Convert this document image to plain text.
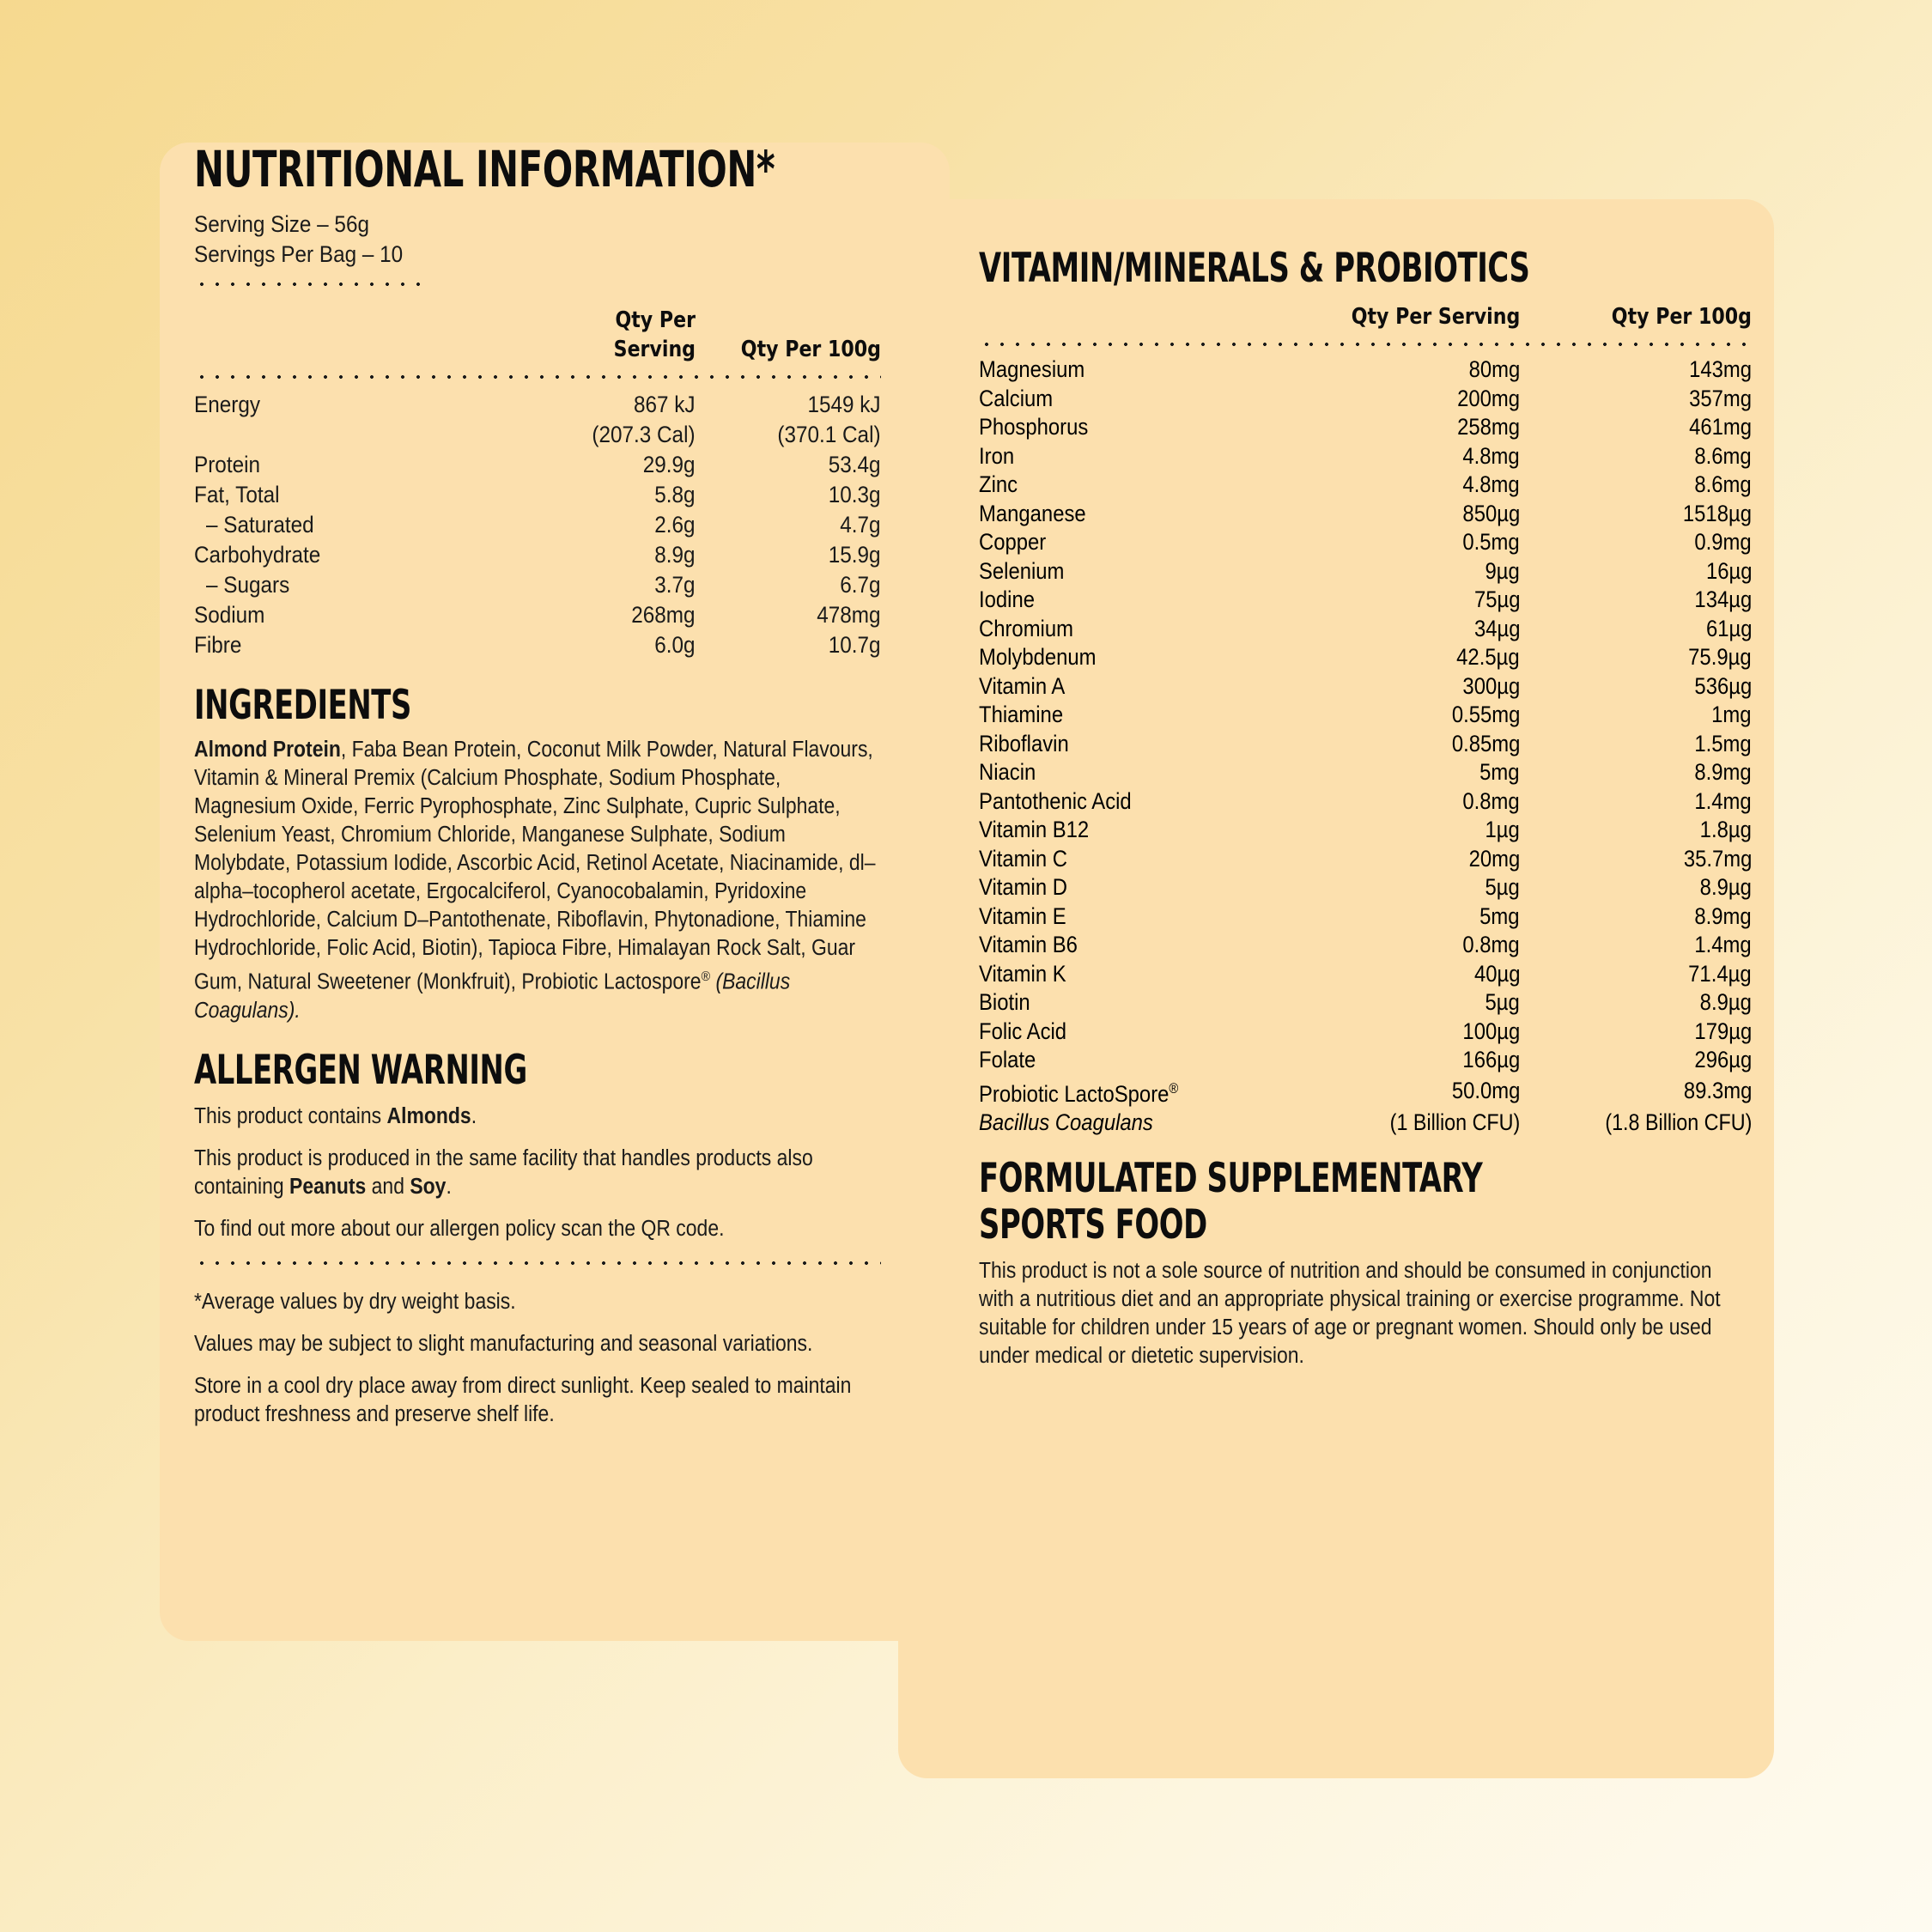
NUTRITIONAL INFORMATION*
Serving Size – 56g
Servings Per Bag – 10
	Qty Per Serving	Qty Per 100g
Energy	867 kJ	1549 kJ
	(207.3 Cal)	(370.1 Cal)
Protein	29.9g	53.4g
Fat, Total	5.8g	10.3g
– Saturated	2.6g	4.7g
Carbohydrate	8.9g	15.9g
– Sugars	3.7g	6.7g
Sodium	268mg	478mg
Fibre	6.0g	10.7g
INGREDIENTS
Almond Protein, Faba Bean Protein, Coconut Milk Powder, Natural Flavours, Vitamin & Mineral Premix (Calcium Phosphate, Sodium Phosphate, Magnesium Oxide, Ferric Pyrophosphate, Zinc Sulphate, Cupric Sulphate, Selenium Yeast, Chromium Chloride, Manganese Sulphate, Sodium Molybdate, Potassium Iodide, Ascorbic Acid, Retinol Acetate, Niacinamide, dl–alpha–tocopherol acetate, Ergocalciferol, Cyanocobalamin, Pyridoxine Hydrochloride, Calcium D–Pantothenate, Riboflavin, Phytonadione, Thiamine Hydrochloride, Folic Acid, Biotin), Tapioca Fibre, Himalayan Rock Salt, Guar Gum, Natural Sweetener (Monkfruit), Probiotic Lactospore® (Bacillus Coagulans).
ALLERGEN WARNING
This product contains Almonds.
This product is produced in the same facility that handles products also containing Peanuts and Soy.
To find out more about our allergen policy scan the QR code.
*Average values by dry weight basis.
Values may be subject to slight manufacturing and seasonal variations.
Store in a cool dry place away from direct sunlight. Keep sealed to maintain product freshness and preserve shelf life.
VITAMIN/MINERALS & PROBIOTICS
	Qty Per Serving	Qty Per 100g
Magnesium	80mg	143mg
Calcium	200mg	357mg
Phosphorus	258mg	461mg
Iron	4.8mg	8.6mg
Zinc	4.8mg	8.6mg
Manganese	850µg	1518µg
Copper	0.5mg	0.9mg
Selenium	9µg	16µg
Iodine	75µg	134µg
Chromium	34µg	61µg
Molybdenum	42.5µg	75.9µg
Vitamin A	300µg	536µg
Thiamine	0.55mg	1mg
Riboflavin	0.85mg	1.5mg
Niacin	5mg	8.9mg
Pantothenic Acid	0.8mg	1.4mg
Vitamin B12	1µg	1.8µg
Vitamin C	20mg	35.7mg
Vitamin D	5µg	8.9µg
Vitamin E	5mg	8.9mg
Vitamin B6	0.8mg	1.4mg
Vitamin K	40µg	71.4µg
Biotin	5µg	8.9µg
Folic Acid	100µg	179µg
Folate	166µg	296µg
Probiotic LactoSpore®	50.0mg	89.3mg
Bacillus Coagulans	(1 Billion CFU)	(1.8 Billion CFU)
FORMULATED SUPPLEMENTARY
SPORTS FOOD
This product is not a sole source of nutrition and should be consumed in conjunction with a nutritious diet and an appropriate physical training or exercise programme. Not suitable for children under 15 years of age or pregnant women. Should only be used under medical or dietetic supervision.
